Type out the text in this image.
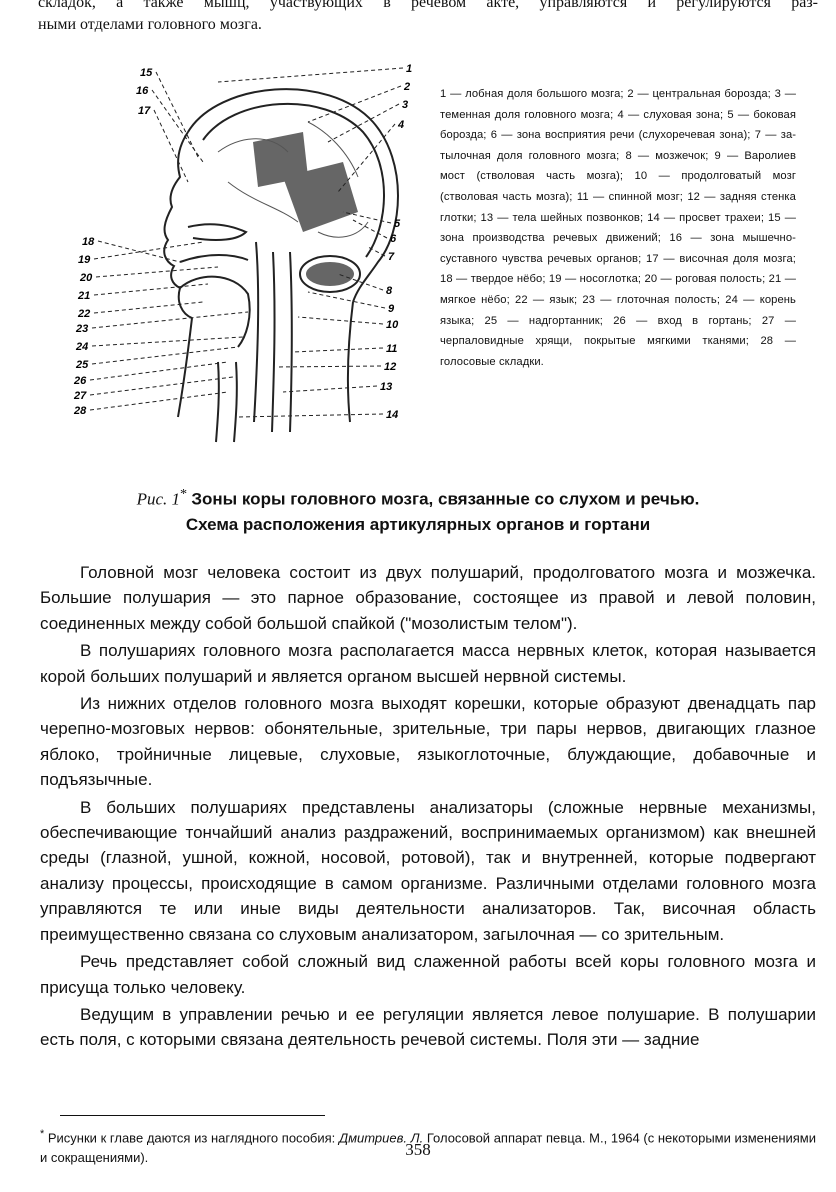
складок, а также мышц, участвующих в речевом акте, управляются и регулируются раз-

ными отделами головного мозга.

15
16
17
18
19
20
21
22
23
24
25
26
27
28
1
2
3
4
5
6
7
8
9
10
11
12
13
14
1 — лобная доля большого мозга; 2 — центральная борозда; 3 — теменная доля головного мозга; 4 — слуховая зона; 5 — боковая борозда; 6 — зона восприятия речи (слухоречевая зона); 7 — затылочная доля головного мозга; 8 — мозжечок; 9 — Варолиев мост (стволовая часть мозга); 10 — продолговатый мозг (стволовая часть мозга); 11 — спинной мозг; 12 — задняя стенка глотки; 13 — тела шейных позвонков; 14 — просвет трахеи; 15 — зона производства речевых движений; 16 — зона мышечно-суставного чувства речевых органов; 17 — височная доля мозга; 18 — твердое нёбо; 19 — носоглотка; 20 — роговая полость; 21 — мягкое нёбо; 22 — язык; 23 — глоточная полость; 24 — корень языка; 25 — надгортанник; 26 — вход в гортань; 27 — черпаловидные хрящи, покрытые мягкими тканями; 28 — голосовые складки.
Рис. 1* Зоны коры головного мозга, связанные со слухом и речью.
Схема расположения артикулярных органов и гортани

Головной мозг человека состоит из двух полушарий, продолговатого мозга и мозжечка. Большие полушария — это парное образование, состоящее из правой и левой половин, соединенных между собой большой спайкой ("мозолистым телом").

В полушариях головного мозга располагается масса нервных клеток, которая называется корой больших полушарий и является органом высшей нервной системы.

Из нижних отделов головного мозга выходят корешки, которые образуют двенадцать пар черепно-мозговых нервов: обонятельные, зрительные, три пары нервов, двигающих глазное яблоко, тройничные лицевые, слуховые, языкоглоточные, блуждающие, добавочные и подъязычные.

В больших полушариях представлены анализаторы (сложные нервные механизмы, обеспечивающие тончайший анализ раздражений, воспринимаемых организмом) как внешней среды (глазной, ушной, кожной, носовой, ротовой), так и внутренней, которые подвергают анализу процессы, происходящие в самом организме. Различными отделами головного мозга управляются те или иные виды деятельности анализаторов. Так, височная область преимущественно связана со слуховым анализатором, загылочная — со зрительным.

Речь представляет собой сложный вид слаженной работы всей коры головного мозга и присуща только человеку.

Ведущим в управлении речью и ее регуляции является левое полушарие. В полушарии есть поля, с которыми связана деятельность речевой системы. Поля эти — задние

* Рисунки к главе даются из наглядного пособия: Дмитриев. Л. Голосовой аппарат певца. М., 1964 (с некоторыми изменениями и сокращениями).	358
